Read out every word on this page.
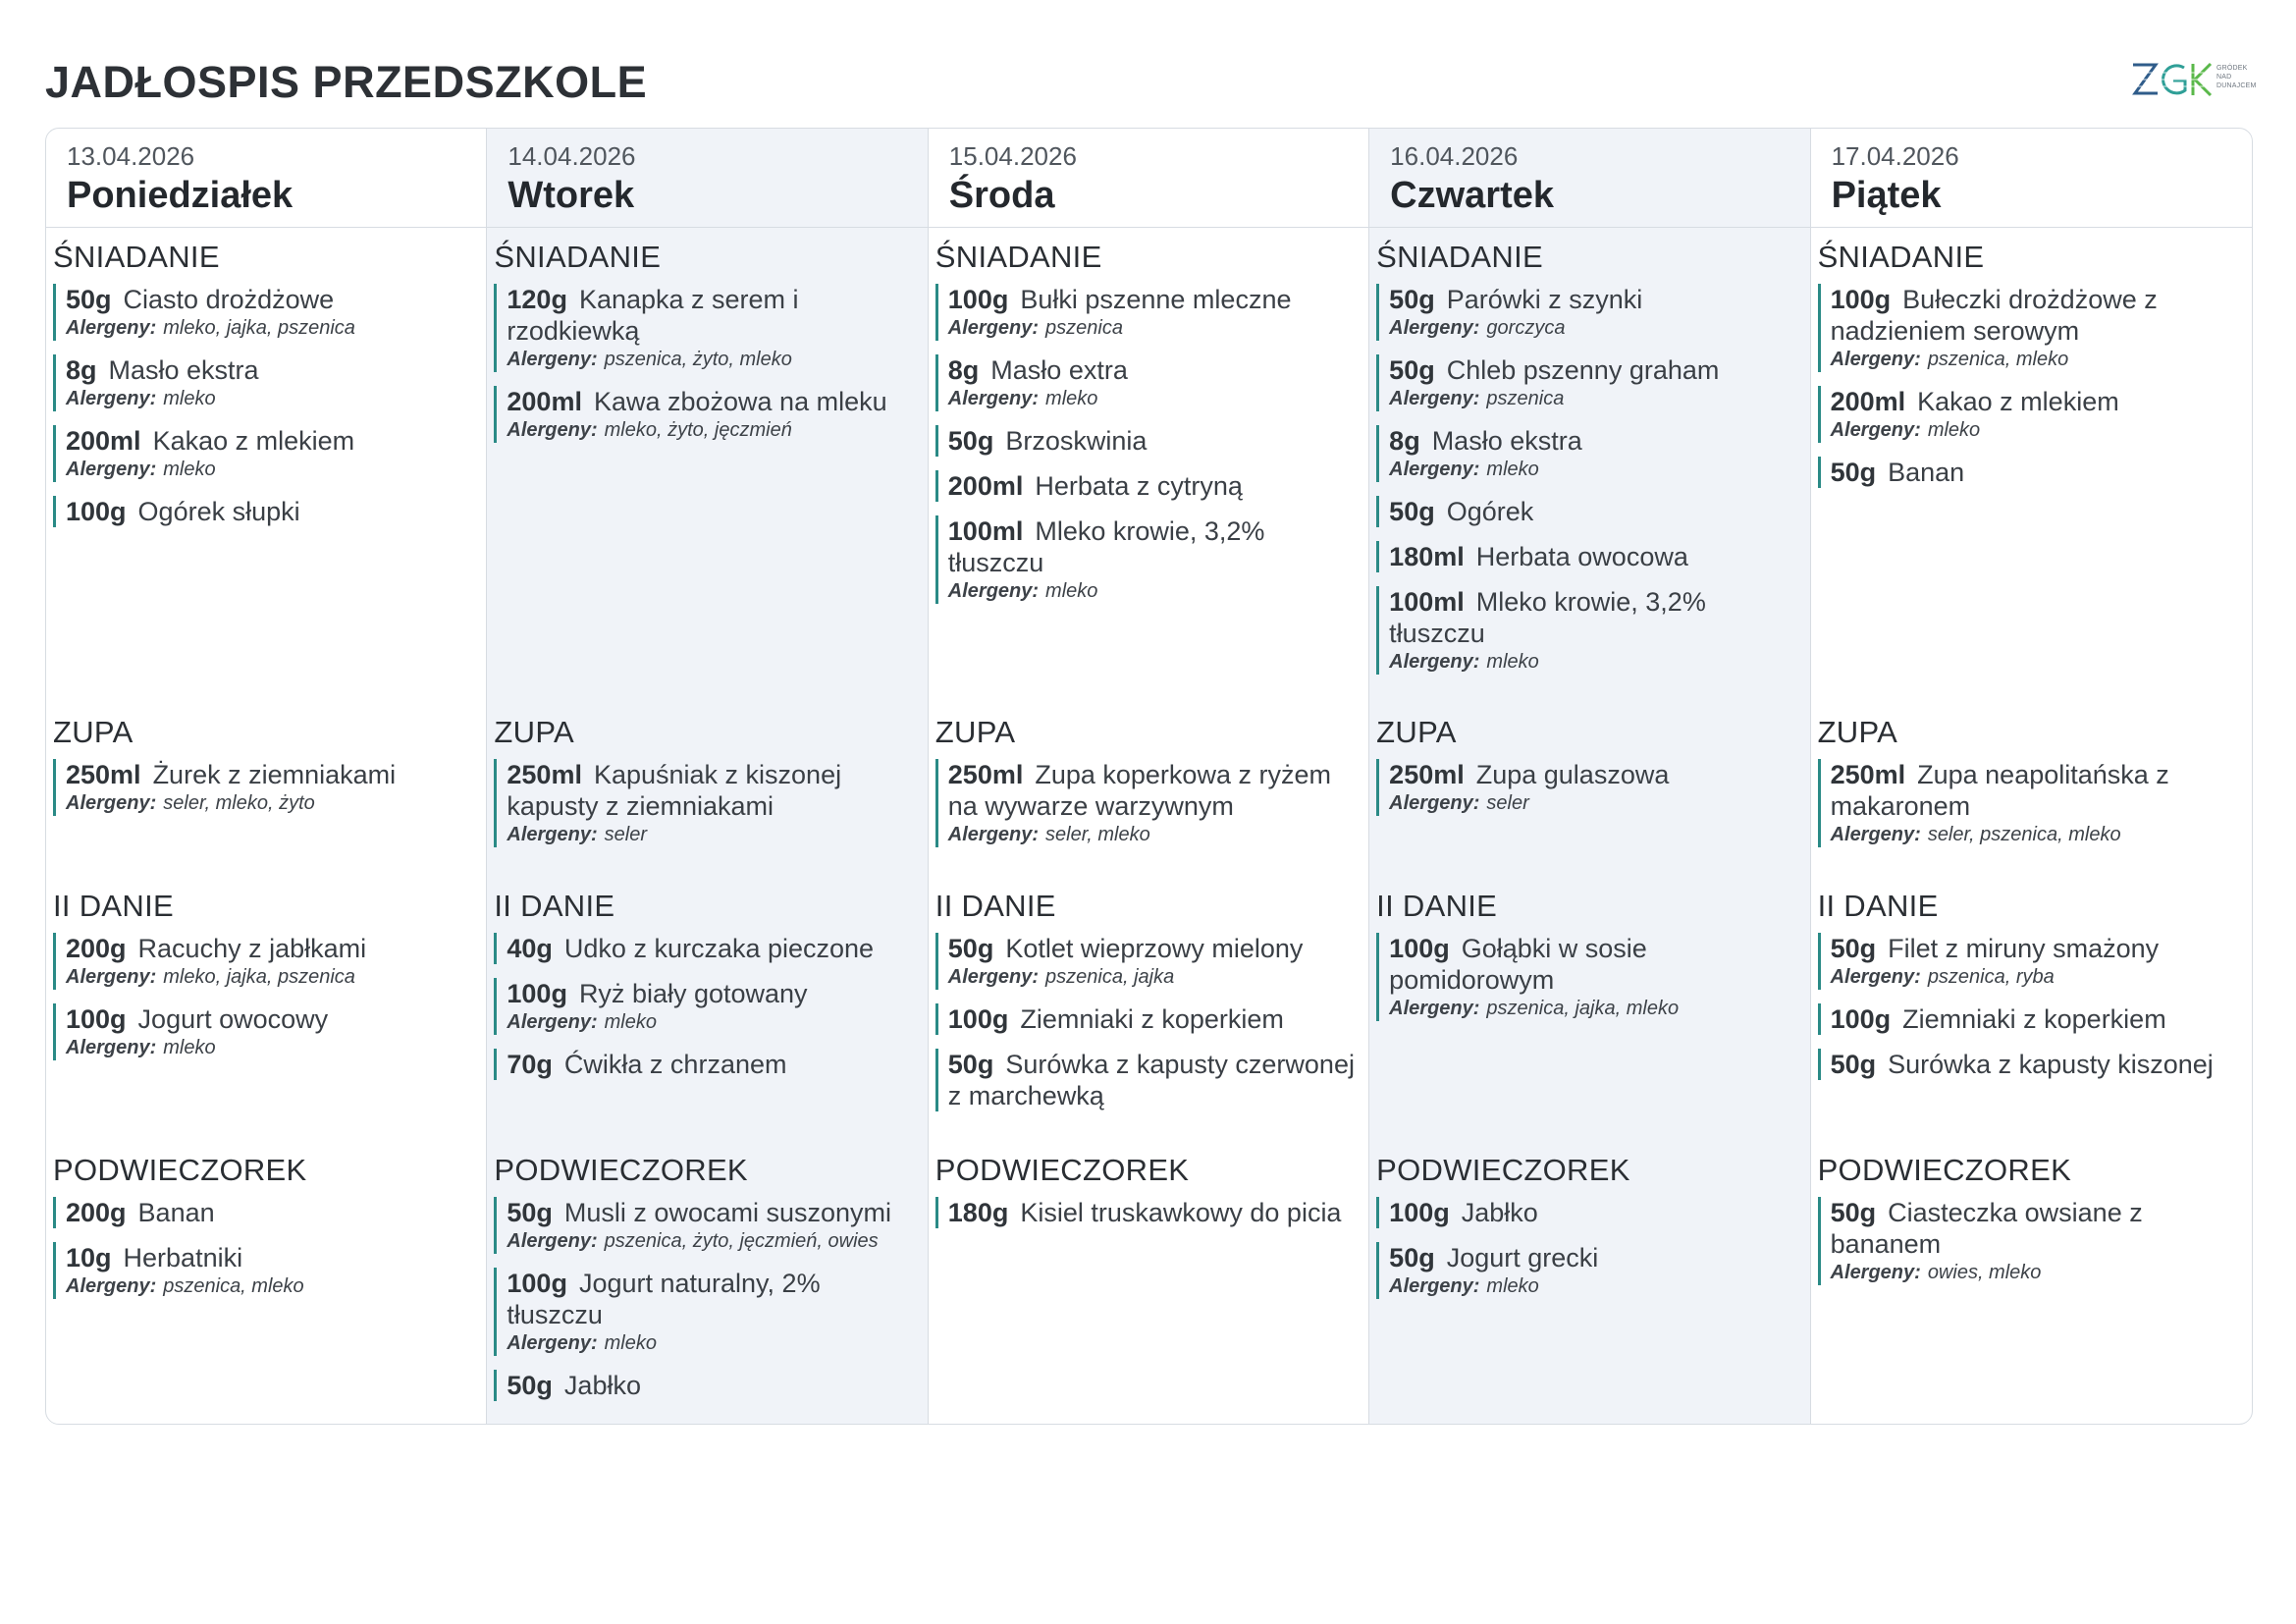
JADŁOSPIS PRZEDSZKOLE	GRÓDEK
NAD
DUNAJCEM
13.04.2026
Poniedziałek
ŚNIADANIE
50g Ciasto drożdżowe
Alergeny: mleko, jajka, pszenica
8g Masło ekstra
Alergeny: mleko
200ml Kakao z mlekiem
Alergeny: mleko
100g Ogórek słupki
ZUPA
250ml Żurek z ziemniakami
Alergeny: seler, mleko, żyto
II DANIE
200g Racuchy z jabłkami
Alergeny: mleko, jajka, pszenica
100g Jogurt owocowy
Alergeny: mleko
PODWIECZOREK
200g Banan
10g Herbatniki
Alergeny: pszenica, mleko
14.04.2026
Wtorek
ŚNIADANIE
120g Kanapka z serem i rzodkiewką
Alergeny: pszenica, żyto, mleko
200ml Kawa zbożowa na mleku
Alergeny: mleko, żyto, jęczmień
ZUPA
250ml Kapuśniak z kiszonej kapusty z ziemniakami
Alergeny: seler
II DANIE
40g Udko z kurczaka pieczone
100g Ryż biały gotowany
Alergeny: mleko
70g Ćwikła z chrzanem
PODWIECZOREK
50g Musli z owocami suszonymi
Alergeny: pszenica, żyto, jęczmień, owies
100g Jogurt naturalny, 2% tłuszczu
Alergeny: mleko
50g Jabłko
15.04.2026
Środa
ŚNIADANIE
100g Bułki pszenne mleczne
Alergeny: pszenica
8g Masło extra
Alergeny: mleko
50g Brzoskwinia
200ml Herbata z cytryną
100ml Mleko krowie, 3,2% tłuszczu
Alergeny: mleko
ZUPA
250ml Zupa koperkowa z ryżem na wywarze warzywnym
Alergeny: seler, mleko
II DANIE
50g Kotlet wieprzowy mielony
Alergeny: pszenica, jajka
100g Ziemniaki z koperkiem
50g Surówka z kapusty czerwonej z marchewką
PODWIECZOREK
180g Kisiel truskawkowy do picia
16.04.2026
Czwartek
ŚNIADANIE
50g Parówki z szynki
Alergeny: gorczyca
50g Chleb pszenny graham
Alergeny: pszenica
8g Masło ekstra
Alergeny: mleko
50g Ogórek
180ml Herbata owocowa
100ml Mleko krowie, 3,2% tłuszczu
Alergeny: mleko
ZUPA
250ml Zupa gulaszowa
Alergeny: seler
II DANIE
100g Gołąbki w sosie pomidorowym
Alergeny: pszenica, jajka, mleko
PODWIECZOREK
100g Jabłko
50g Jogurt grecki
Alergeny: mleko
17.04.2026
Piątek
ŚNIADANIE
100g Bułeczki drożdżowe z nadzieniem serowym
Alergeny: pszenica, mleko
200ml Kakao z mlekiem
Alergeny: mleko
50g Banan
ZUPA
250ml Zupa neapolitańska z makaronem
Alergeny: seler, pszenica, mleko
II DANIE
50g Filet z miruny smażony
Alergeny: pszenica, ryba
100g Ziemniaki z koperkiem
50g Surówka z kapusty kiszonej
PODWIECZOREK
50g Ciasteczka owsiane z bananem
Alergeny: owies, mleko
